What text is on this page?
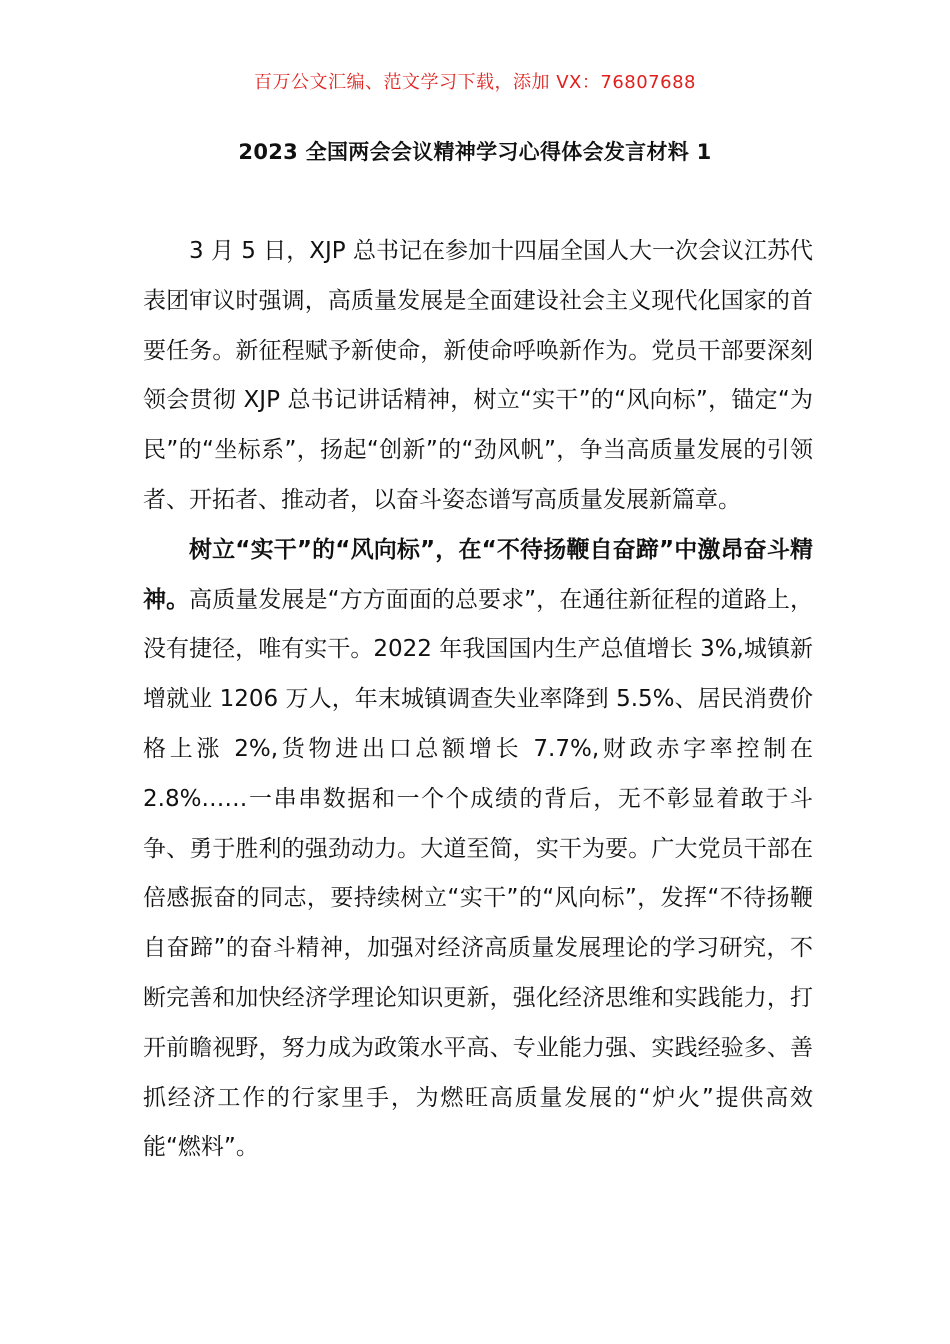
百万公文汇编、范文学习下载，添加 VX：76807688
2023 全国两会会议精神学习心得体会发言材料 1

3 月 5 日，XJP 总书记在参加十四届全国人大一次会议江苏代表团审议时强调，高质量发展是全面建设社会主义现代化国家的首要任务。新征程赋予新使命，新使命呼唤新作为。党员干部要深刻领会贯彻 XJP 总书记讲话精神，树立“实干”的“风向标”，锚定“为民”的“坐标系”，扬起“创新”的“劲风帆”，争当高质量发展的引领者、开拓者、推动者，以奋斗姿态谱写高质量发展新篇章。

树立“实干”的“风向标”，在“不待扬鞭自奋蹄”中激昂奋斗精神。高质量发展是“方方面面的总要求”，在通往新征程的道路上，没有捷径，唯有实干。2022 年我国国内生产总值增长 3%,城镇新增就业 1206 万人，年末城镇调查失业率降到 5.5%、居民消费价格上涨 2%,货物进出口总额增长 7.7%,财政赤字率控制在 2.8%……一串串数据和一个个成绩的背后，无不彰显着敢于斗争、勇于胜利的强劲动力。大道至简，实干为要。广大党员干部在倍感振奋的同志，要持续树立“实干”的“风向标”，发挥“不待扬鞭自奋蹄”的奋斗精神，加强对经济高质量发展理论的学习研究，不断完善和加快经济学理论知识更新，强化经济思维和实践能力，打开前瞻视野，努力成为政策水平高、专业能力强、实践经验多、善抓经济工作的行家里手，为燃旺高质量发展的“炉火”提供高效能“燃料”。
